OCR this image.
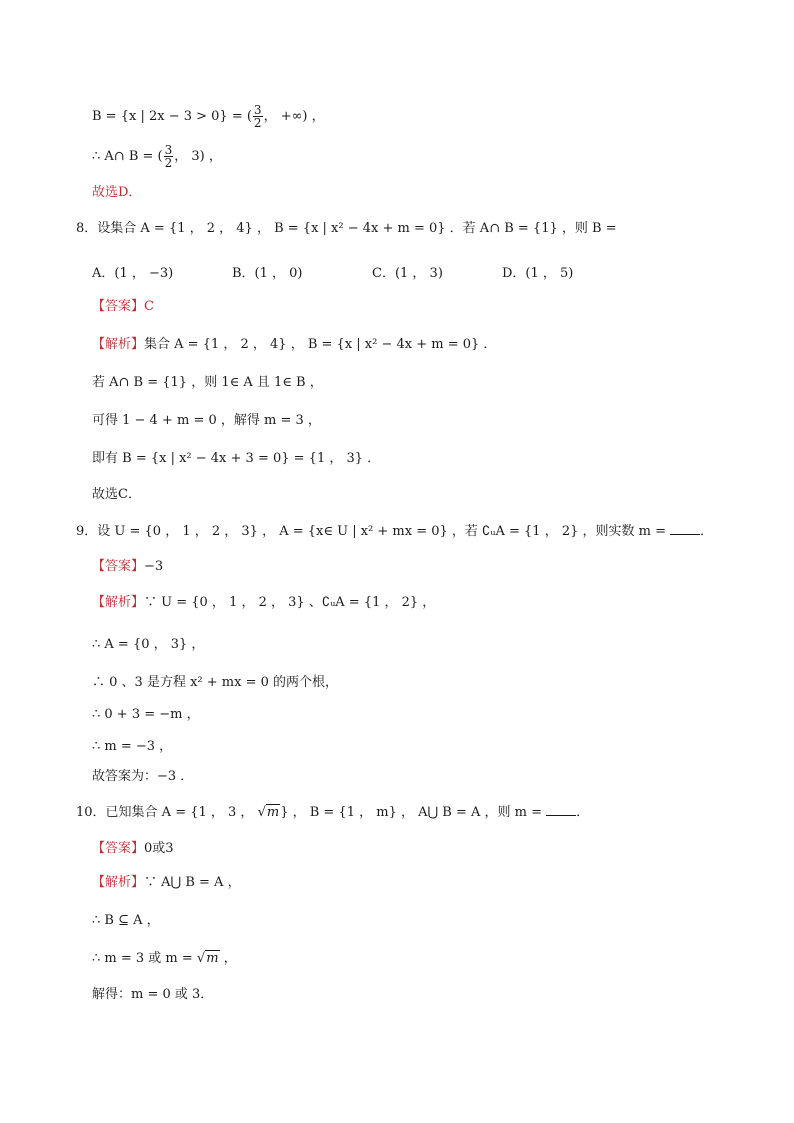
B = {x | 2x − 3 > 0} = ( $\frac{3}{2}$ ， +∞) ，
∴ A∩ B = ( $\frac{3}{2}$ ， 3) ，
故选D．
8．设集合 A = {1 ， 2 ， 4} ， B = {x | x² − 4x + m = 0} ．若 A∩ B = {1} ，则 B =
A．(1 ， −3)	B．(1 ， 0)	C．(1 ， 3)	D．(1 ， 5)
【答案】C
【解析】集合 A = {1 ， 2 ， 4} ， B = {x | x² − 4x + m = 0} ．
若 A∩ B = {1} ，则 1∈ A 且 1∈ B ，
可得 1 − 4 + m = 0 ，解得 m = 3 ，
即有 B = {x | x² − 4x + 3 = 0} = {1 ， 3} ．
故选C．
9．设 U = {0 ， 1 ， 2 ， 3} ， A = {x∈ U | x² + mx = 0} ，若 ∁ᵤA = {1 ， 2} ，则实数 m =	．
【答案】−3
【解析】∵ U = {0 ， 1 ， 2 ， 3} 、∁ᵤA = {1 ， 2} ，
∴ A = {0 ， 3} ，
∴ 0 、3 是方程 x² + mx = 0 的两个根，
∴ 0 + 3 = −m ，
∴ m = −3 ，
故答案为：−3 ．
10．已知集合 A = {1 ， 3 ， √m} ， B = {1 ， m} ， A⋃ B = A ，则 m =	．
【答案】0或3
【解析】∵ A⋃ B = A ，
∴ B ⊆ A ，
∴ m = 3 或 m = √m ，
解得：m = 0 或 3．
